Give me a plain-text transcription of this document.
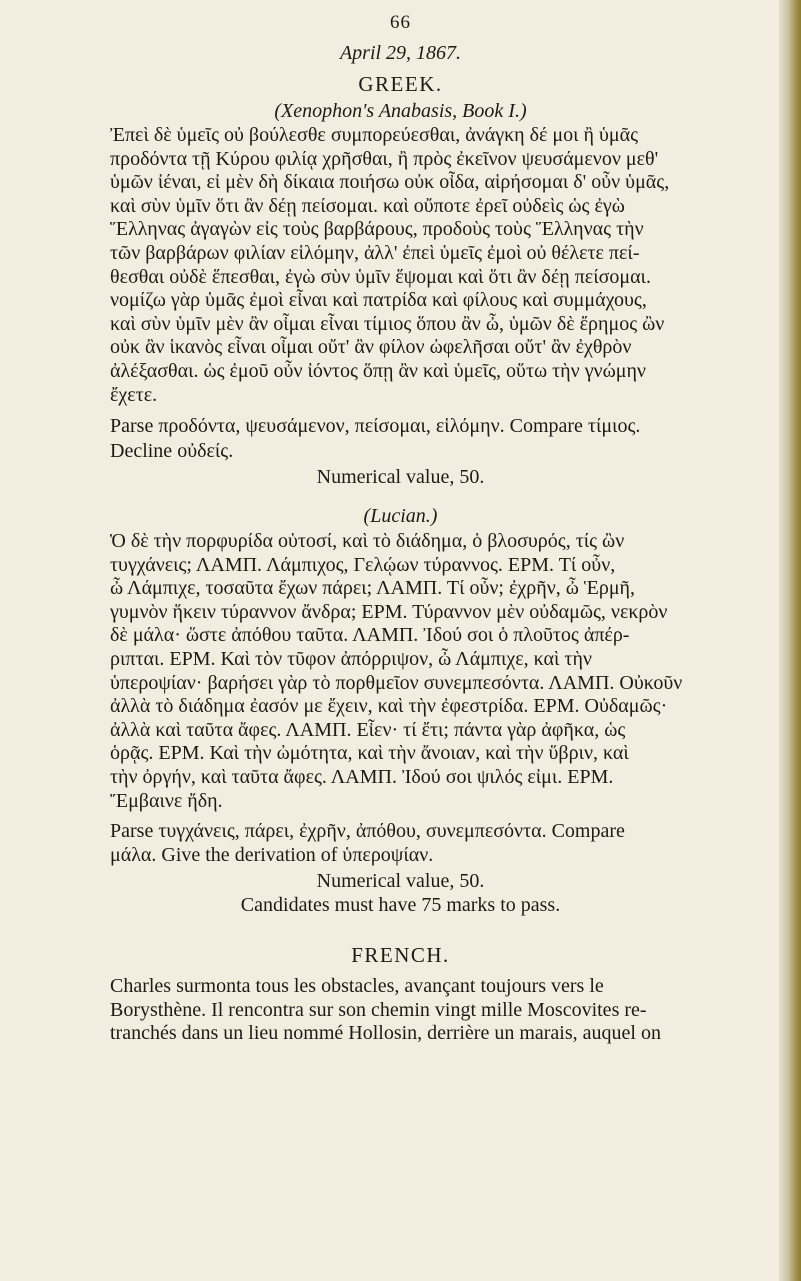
66
April 29, 1867.
GREEK.
(Xenophon's Anabasis, Book I.)
Ἐπεὶ δὲ ὑμεῖς οὐ βούλεσθε συμπορεύεσθαι, ἀνάγκη δέ μοι ἢ ὑμᾶς
προδόντα τῇ Κύρου φιλίᾳ χρῆσθαι, ἢ πρὸς ἐκεῖνον ψευσάμενον μεθ'
ὑμῶν ἰέναι, εἰ μὲν δὴ δίκαια ποιήσω οὐκ οἶδα, αἱρήσομαι δ' οὖν ὑμᾶς,
καὶ σὺν ὑμῖν ὅτι ἂν δέῃ πείσομαι. καὶ οὔποτε ἐρεῖ οὐδεὶς ὡς ἐγὼ
Ἕλληνας ἀγαγὼν εἰς τοὺς βαρβάρους, προδοὺς τοὺς Ἕλληνας τὴν
τῶν βαρβάρων φιλίαν εἱλόμην, ἀλλ' ἐπεὶ ὑμεῖς ἐμοὶ οὐ θέλετε πεί-
θεσθαι οὐδὲ ἕπεσθαι, ἐγὼ σὺν ὑμῖν ἕψομαι καὶ ὅτι ἂν δέῃ πείσομαι.
νομίζω γὰρ ὑμᾶς ἐμοὶ εἶναι καὶ πατρίδα καὶ φίλους καὶ συμμάχους,
καὶ σὺν ὑμῖν μὲν ἂν οἶμαι εἶναι τίμιος ὅπου ἂν ὦ, ὑμῶν δὲ ἔρημος ὢν
οὐκ ἂν ἱκανὸς εἶναι οἶμαι οὔτ' ἂν φίλον ὠφελῆσαι οὔτ' ἂν ἐχθρὸν
ἀλέξασθαι. ὡς ἐμοῦ οὖν ἰόντος ὅπῃ ἂν καὶ ὑμεῖς, οὕτω τὴν γνώμην
ἔχετε.
Parse προδόντα, ψευσάμενον, πείσομαι, εἱλόμην. Compare τίμιος.
Decline οὐδείς.
Numerical value, 50.
(Lucian.)
Ὁ δὲ τὴν πορφυρίδα οὑτοσί, καὶ τὸ διάδημα, ὁ βλοσυρός, τίς ὢν
τυγχάνεις; ΛΑΜΠ. Λάμπιχος, Γελῴων τύραννος. ΕΡΜ. Τί οὖν,
ὦ Λάμπιχε, τοσαῦτα ἔχων πάρει; ΛΑΜΠ. Τί οὖν; ἐχρῆν, ὦ Ἑρμῆ,
γυμνὸν ἥκειν τύραννον ἄνδρα; ΕΡΜ. Τύραννον μὲν οὐδαμῶς, νεκρὸν
δὲ μάλα· ὥστε ἀπόθου ταῦτα. ΛΑΜΠ. Ἰδού σοι ὁ πλοῦτος ἀπέρ-
ριπται. ΕΡΜ. Καὶ τὸν τῦφον ἀπόρριψον, ὦ Λάμπιχε, καὶ τὴν
ὑπεροψίαν· βαρήσει γὰρ τὸ πορθμεῖον συνεμπεσόντα. ΛΑΜΠ. Οὐκοῦν
ἀλλὰ τὸ διάδημα ἐασόν με ἔχειν, καὶ τὴν ἐφεστρίδα. ΕΡΜ. Οὐδαμῶς·
ἀλλὰ καὶ ταῦτα ἄφες. ΛΑΜΠ. Εἶεν· τί ἔτι; πάντα γὰρ ἀφῆκα, ὡς
ὁρᾷς. ΕΡΜ. Καὶ τὴν ὠμότητα, καὶ τὴν ἄνοιαν, καὶ τὴν ὕβριν, καὶ
τὴν ὀργήν, καὶ ταῦτα ἄφες. ΛΑΜΠ. Ἰδού σοι ψιλός εἰμι. ΕΡΜ.
Ἔμβαινε ἤδη.
Parse τυγχάνεις, πάρει, ἐχρῆν, ἀπόθου, συνεμπεσόντα. Compare
μάλα. Give the derivation of ὑπεροψίαν.
Numerical value, 50.
Candidates must have 75 marks to pass.
FRENCH.
Charles surmonta tous les obstacles, avançant toujours vers le
Borysthène. Il rencontra sur son chemin vingt mille Moscovites re-
tranchés dans un lieu nommé Hollosin, derrière un marais, auquel on
